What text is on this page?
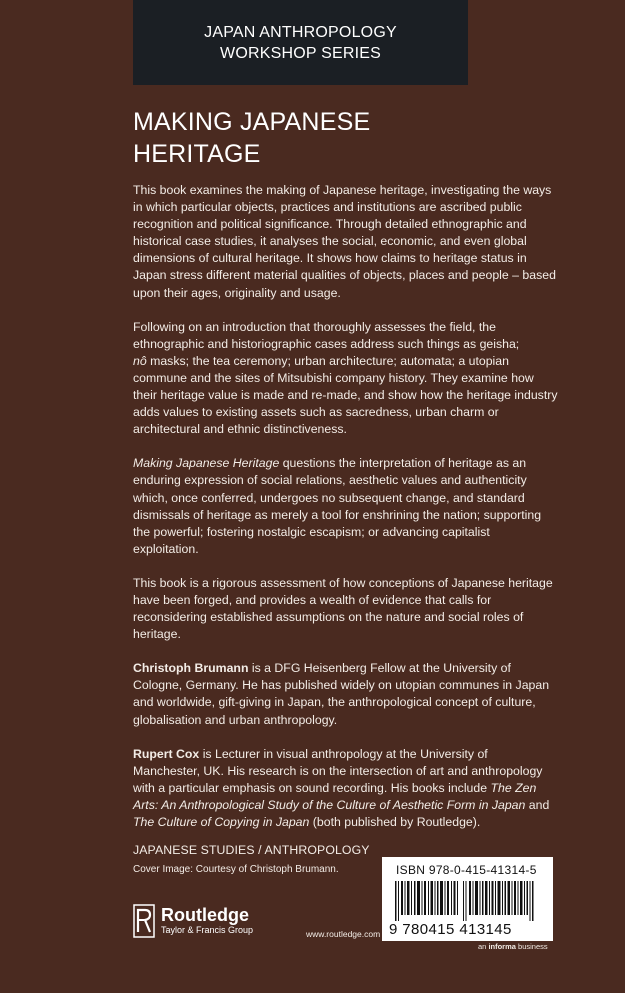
JAPAN ANTHROPOLOGY
WORKSHOP SERIES
MAKING JAPANESE
HERITAGE

This book examines the making of Japanese heritage, investigating the ways in which particular objects, practices and institutions are ascribed public recognition and political significance. Through detailed ethnographic and historical case studies, it analyses the social, economic, and even global dimensions of cultural heritage. It shows how claims to heritage status in Japan stress different material qualities of objects, places and people – based upon their ages, originality and usage.

Following on an introduction that thoroughly assesses the field, the ethnographic and historiographic cases address such things as geisha;
nô masks; the tea ceremony; urban architecture; automata; a utopian commune and the sites of Mitsubishi company history. They examine how their heritage value is made and re-made, and show how the heritage industry adds values to existing assets such as sacredness, urban charm or architectural and ethnic distinctiveness.

Making Japanese Heritage questions the interpretation of heritage as an enduring expression of social relations, aesthetic values and authenticity which, once conferred, undergoes no subsequent change, and standard dismissals of heritage as merely a tool for enshrining the nation; supporting the powerful; fostering nostalgic escapism; or advancing capitalist exploitation.

This book is a rigorous assessment of how conceptions of Japanese heritage have been forged, and provides a wealth of evidence that calls for reconsidering established assumptions on the nature and social roles of heritage.

Christoph Brumann is a DFG Heisenberg Fellow at the University of Cologne, Germany. He has published widely on utopian communes in Japan and worldwide, gift-giving in Japan, the anthropological concept of culture, globalisation and urban anthropology.

Rupert Cox is Lecturer in visual anthropology at the University of Manchester, UK. His research is on the intersection of art and anthropology with a particular emphasis on sound recording. His books include The Zen Arts: An Anthropological Study of the Culture of Aesthetic Form in Japan and The Culture of Copying in Japan (both published by Routledge).

JAPANESE STUDIES / ANTHROPOLOGY
Cover Image: Courtesy of Christoph Brumann.
Routledge
Taylor & Francis Group	www.routledge.com
ISBN 978-0-415-41314-5
9 780415 413145
an informa business
